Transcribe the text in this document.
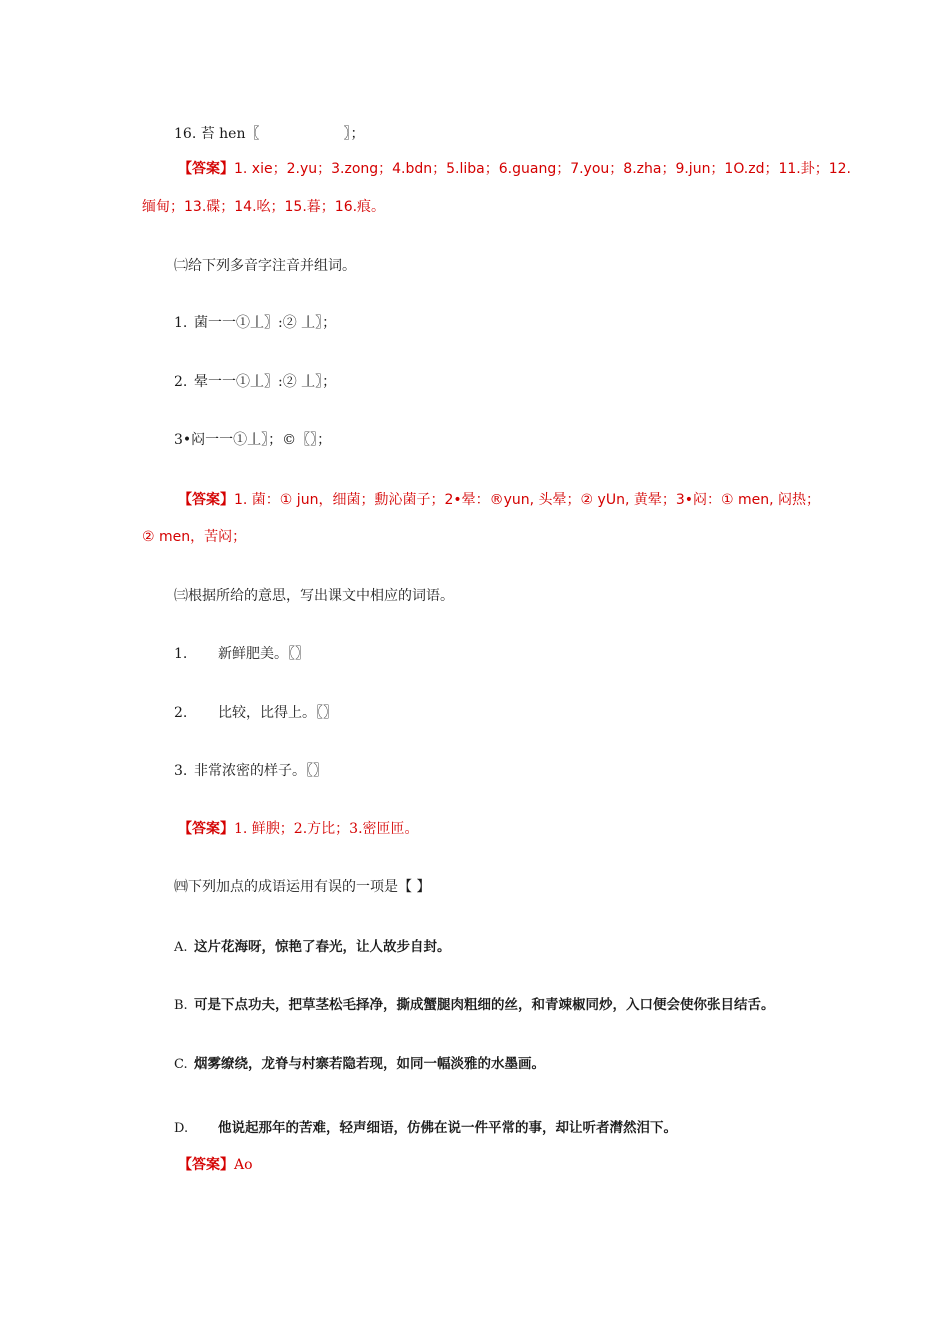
16. 苔 hen〖　　　　　　〗；
【答案】1. xie；2.yu；3.zong；4.bdn；5.liba；6.guang；7.you；8.zha；9.jun；1O.zd；11.卦；12.
缅甸；13.碟；14.吆；15.暮；16.痕。
㈡给下列多音字注音并组词。
1. 菌一一①丄〗:② 丄〗；
2. 晕一一①丄〗:② 丄〗；
3•闷一一①丄〗；©〖〗；
【答案】1. 菌：① jun，细菌；勳沁菌子；2•晕：®yun, 头晕；② yUn, 黄晕；3•闷：① men, 闷热；
② men，苦闷；
㈢根据所给的意思，写出课文中相应的词语。
1. 新鲜肥美。〖〗
2. 比较，比得上。〖〗
3. 非常浓密的样子。〖〗
【答案】1. 鲜腴；2.方比；3.密匝匝。
㈣下列加点的成语运用有误的一项是【 】
A. 这片花海呀，惊艳了春光，让人故步自封。
B. 可是下点功夫，把草茎松毛择净，撕成蟹腿肉粗细的丝，和青竦椒同炒，入口便会使你张目结舌。
C. 烟雾缭绕，龙脊与村寨若隐若现，如同一幅淡雅的水墨画。
D. 他说起那年的苦难，轻声细语，仿佛在说一件平常的事，却让听者潸然泪下。
【答案】Ao
